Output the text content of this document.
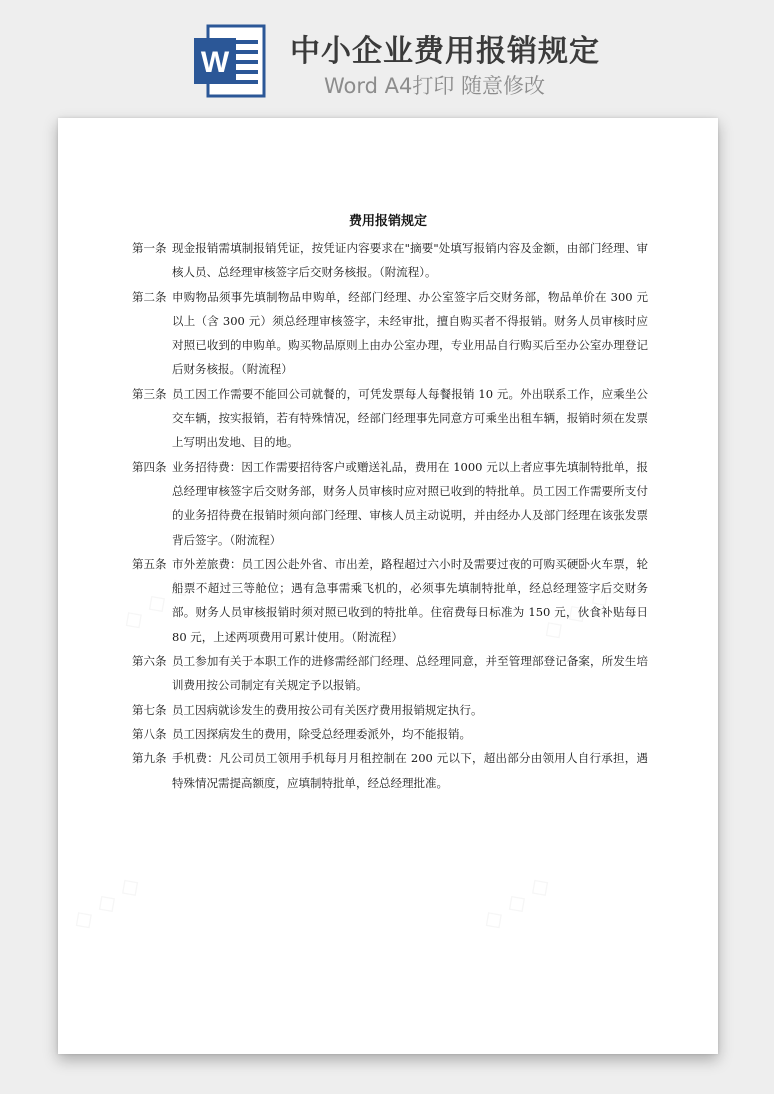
W 中小企业费用报销规定
Word A4打印 随意修改
费用报销规定
第一条 现金报销需填制报销凭证，按凭证内容要求在"摘要"处填写报销内容及金额，由部门经理、审核人员、总经理审核签字后交财务核报。（附流程）。
第二条 申购物品须事先填制物品申购单，经部门经理、办公室签字后交财务部，物品单价在 300 元以上（含 300 元）须总经理审核签字，未经审批，擅自购买者不得报销。财务人员审核时应对照已收到的申购单。购买物品原则上由办公室办理，专业用品自行购买后至办公室办理登记后财务核报。（附流程）
第三条 员工因工作需要不能回公司就餐的，可凭发票每人每餐报销 10 元。外出联系工作，应乘坐公交车辆，按实报销，若有特殊情况，经部门经理事先同意方可乘坐出租车辆，报销时须在发票上写明出发地、目的地。
第四条 业务招待费：因工作需要招待客户或赠送礼品，费用在 1000 元以上者应事先填制特批单，报总经理审核签字后交财务部，财务人员审核时应对照已收到的特批单。员工因工作需要所支付的业务招待费在报销时须向部门经理、审核人员主动说明，并由经办人及部门经理在该张发票背后签字。（附流程）
第五条 市外差旅费：员工因公赴外省、市出差，路程超过六小时及需要过夜的可购买硬卧火车票，轮船票不超过三等舱位；遇有急事需乘飞机的，必须事先填制特批单，经总经理签字后交财务部。财务人员审核报销时须对照已收到的特批单。住宿费每日标准为 150 元，伙食补贴每日 80 元，上述两项费用可累计使用。（附流程）
第六条 员工参加有关于本职工作的进修需经部门经理、总经理同意，并至管理部登记备案，所发生培训费用按公司制定有关规定予以报销。
第七条 员工因病就诊发生的费用按公司有关医疗费用报销规定执行。
第八条 员工因探病发生的费用，除受总经理委派外，均不能报销。
第九条 手机费：凡公司员工领用手机每月月租控制在 200 元以下，超出部分由领用人自行承担，遇特殊情况需提高额度，应填制特批单，经总经理批准。
